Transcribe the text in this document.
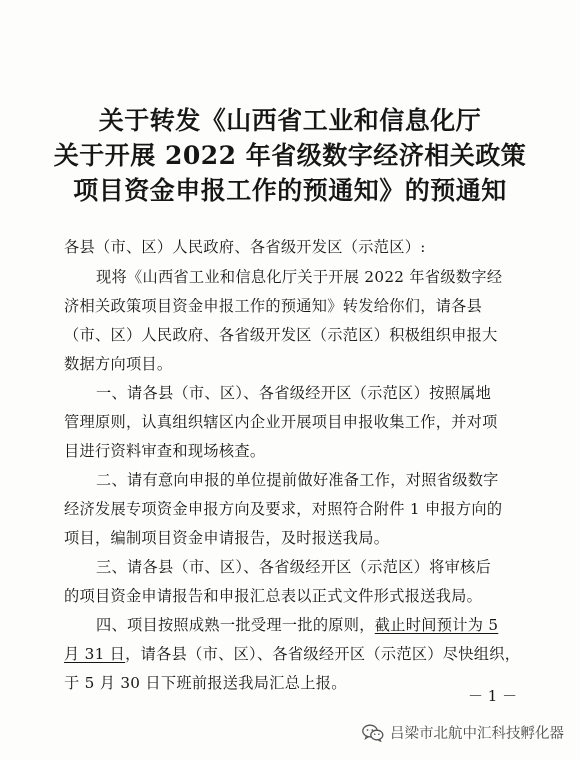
关于转发《山西省工业和信息化厅
关于开展 2022 年省级数字经济相关政策
项目资金申报工作的预通知》的预通知
各县（市、区）人民政府、各省级开发区（示范区）:
现将《山西省工业和信息化厅关于开展 2022 年省级数字经
济相关政策项目资金申报工作的预通知》转发给你们，请各县
（市、区）人民政府、各省级开发区（示范区）积极组织申报大
数据方向项目。
一、请各县（市、区）、各省级经开区（示范区）按照属地
管理原则，认真组织辖区内企业开展项目申报收集工作，并对项
目进行资料审查和现场核查。
二、请有意向申报的单位提前做好准备工作，对照省级数字
经济发展专项资金申报方向及要求，对照符合附件 1 申报方向的
项目，编制项目资金申请报告，及时报送我局。
三、请各县（市、区）、各省级经开区（示范区）将审核后
的项目资金申请报告和申报汇总表以正式文件形式报送我局。
四、项目按照成熟一批受理一批的原则，截止时间预计为 5
月 31 日，请各县（市、区）、各省级经开区（示范区）尽快组织，
于 5 月 30 日下班前报送我局汇总上报。
－ 1 －
吕梁市北航中汇科技孵化器
